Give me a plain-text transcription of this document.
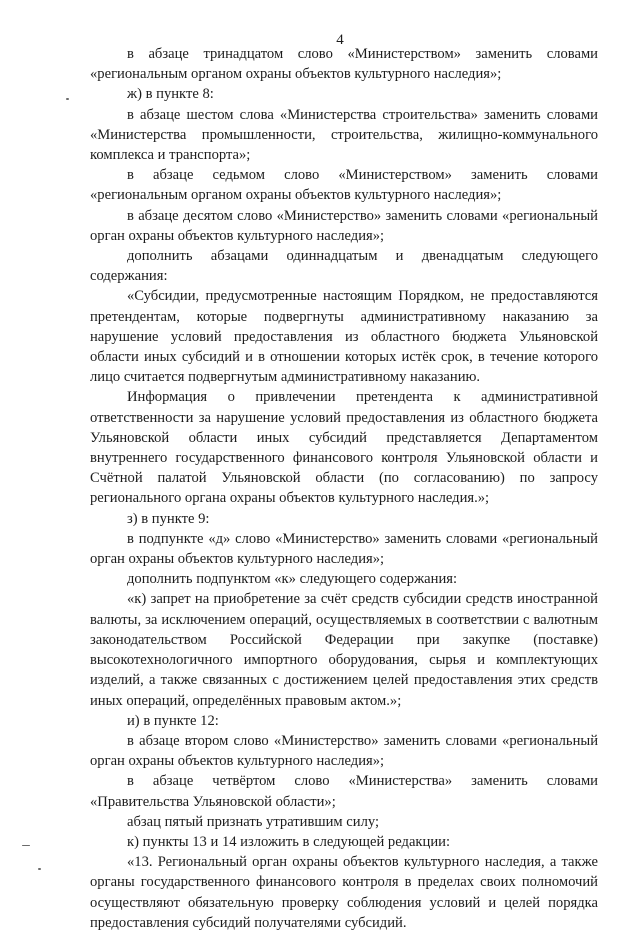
4

в абзаце тринадцатом слово «Министерством» заменить словами «региональным органом охраны объектов культурного наследия»;

ж) в пункте 8:

в абзаце шестом слова «Министерства строительства» заменить словами «Министерства промышленности, строительства, жилищно-коммунального комплекса и транспорта»;

в абзаце седьмом слово «Министерством» заменить словами «региональным органом охраны объектов культурного наследия»;

в абзаце десятом слово «Министерство» заменить словами «региональный орган охраны объектов культурного наследия»;

дополнить абзацами одиннадцатым и двенадцатым следующего содержания:

«Субсидии, предусмотренные настоящим Порядком, не предоставляются претендентам, которые подвергнуты административному наказанию за нарушение условий предоставления из областного бюджета Ульяновской области иных субсидий и в отношении которых истёк срок, в течение которого лицо считается подвергнутым административному наказанию.

Информация о привлечении претендента к административной ответственности за нарушение условий предоставления из областного бюджета Ульяновской области иных субсидий представляется Департаментом внутреннего государственного финансового контроля Ульяновской области и Счётной палатой Ульяновской области (по согласованию) по запросу регионального органа охраны объектов культурного наследия.»;

з) в пункте 9:

в подпункте «д» слово «Министерство» заменить словами «региональный орган охраны объектов культурного наследия»;

дополнить подпунктом «к» следующего содержания:

«к) запрет на приобретение за счёт средств субсидии средств иностранной валюты, за исключением операций, осуществляемых в соответствии с валютным законодательством Российской Федерации при закупке (поставке) высокотехнологичного импортного оборудования, сырья и комплектующих изделий, а также связанных с достижением целей предоставления этих средств иных операций, определённых правовым актом.»;

и) в пункте 12:

в абзаце втором слово «Министерство» заменить словами «региональный орган охраны объектов культурного наследия»;

в абзаце четвёртом слово «Министерства» заменить словами «Правительства Ульяновской области»;

абзац пятый признать утратившим силу;

к) пункты 13 и 14 изложить в следующей редакции:

«13. Региональный орган охраны объектов культурного наследия, а также органы государственного финансового контроля в пределах своих полномочий осуществляют обязательную проверку соблюдения условий и целей порядка предоставления субсидий получателями субсидий.
